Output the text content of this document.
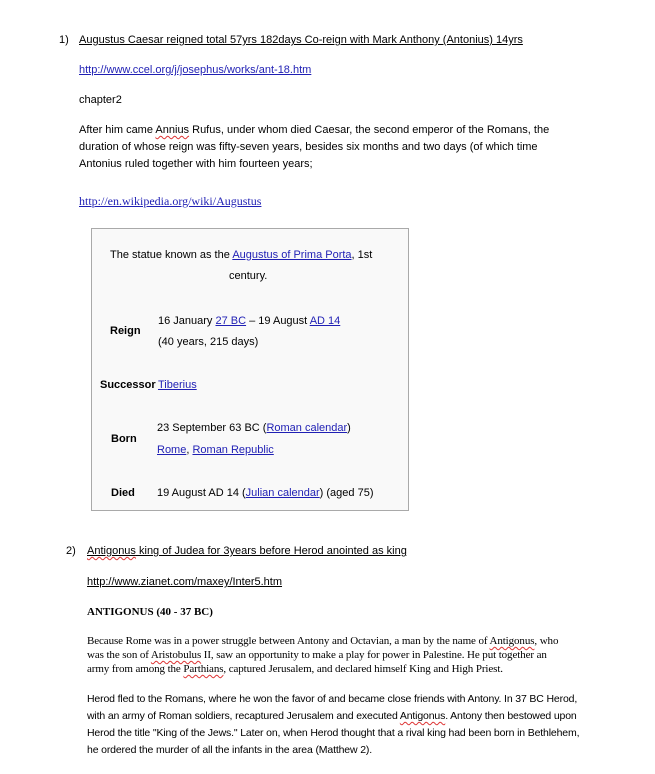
1) Augustus Caesar reigned total 57yrs 182days Co-reign with Mark Anthony (Antonius) 14yrs
http://www.ccel.org/j/josephus/works/ant-18.htm
chapter2
After him came Annius Rufus, under whom died Caesar, the second emperor of the Romans, the
duration of whose reign was fifty-seven years, besides six months and two days (of which time
Antonius ruled together with him fourteen years;
http://en.wikipedia.org/wiki/Augustus
The statue known as the Augustus of Prima Porta, 1st
century.
Reign
16 January 27 BC – 19 August AD 14
(40 years, 215 days)
Successor Tiberius
Born
23 September 63 BC (Roman calendar)
Rome, Roman Republic
Died 19 August AD 14 (Julian calendar) (aged 75)
2) Antigonus king of Judea for 3years before Herod anointed as king
http://www.zianet.com/maxey/Inter5.htm
ANTIGONUS (40 - 37 BC)
Because Rome was in a power struggle between Antony and Octavian, a man by the name of Antigonus, who
was the son of Aristobulus II, saw an opportunity to make a play for power in Palestine. He put together an
army from among the Parthians, captured Jerusalem, and declared himself King and High Priest.
Herod fled to the Romans, where he won the favor of and became close friends with Antony. In 37 BC Herod,
with an army of Roman soldiers, recaptured Jerusalem and executed Antigonus. Antony then bestowed upon
Herod the title "King of the Jews." Later on, when Herod thought that a rival king had been born in Bethlehem,
he ordered the murder of all the infants in the area (Matthew 2).
